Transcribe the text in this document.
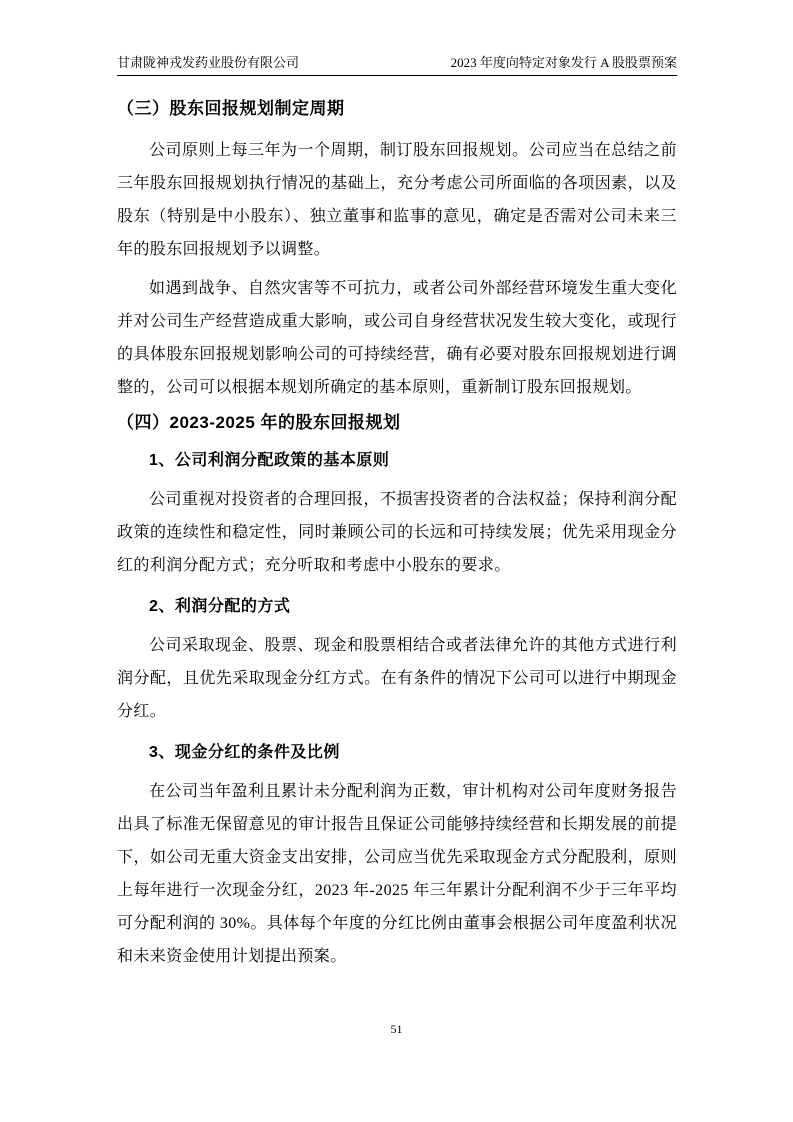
甘肃陇神戎发药业股份有限公司	2023 年度向特定对象发行 A 股股票预案
（三）股东回报规划制定周期

公司原则上每三年为一个周期，制订股东回报规划。公司应当在总结之前三年股东回报规划执行情况的基础上，充分考虑公司所面临的各项因素，以及股东（特别是中小股东）、独立董事和监事的意见，确定是否需对公司未来三年的股东回报规划予以调整。

如遇到战争、自然灾害等不可抗力，或者公司外部经营环境发生重大变化并对公司生产经营造成重大影响，或公司自身经营状况发生较大变化，或现行的具体股东回报规划影响公司的可持续经营，确有必要对股东回报规划进行调整的，公司可以根据本规划所确定的基本原则，重新制订股东回报规划。

（四）2023-2025 年的股东回报规划
1、公司利润分配政策的基本原则

公司重视对投资者的合理回报，不损害投资者的合法权益；保持利润分配政策的连续性和稳定性，同时兼顾公司的长远和可持续发展；优先采用现金分红的利润分配方式；充分听取和考虑中小股东的要求。

2、利润分配的方式

公司采取现金、股票、现金和股票相结合或者法律允许的其他方式进行利润分配，且优先采取现金分红方式。在有条件的情况下公司可以进行中期现金分红。

3、现金分红的条件及比例

在公司当年盈利且累计未分配利润为正数，审计机构对公司年度财务报告出具了标准无保留意见的审计报告且保证公司能够持续经营和长期发展的前提下，如公司无重大资金支出安排，公司应当优先采取现金方式分配股利，原则上每年进行一次现金分红，2023 年-2025 年三年累计分配利润不少于三年平均可分配利润的 30%。具体每个年度的分红比例由董事会根据公司年度盈利状况和未来资金使用计划提出预案。

51
